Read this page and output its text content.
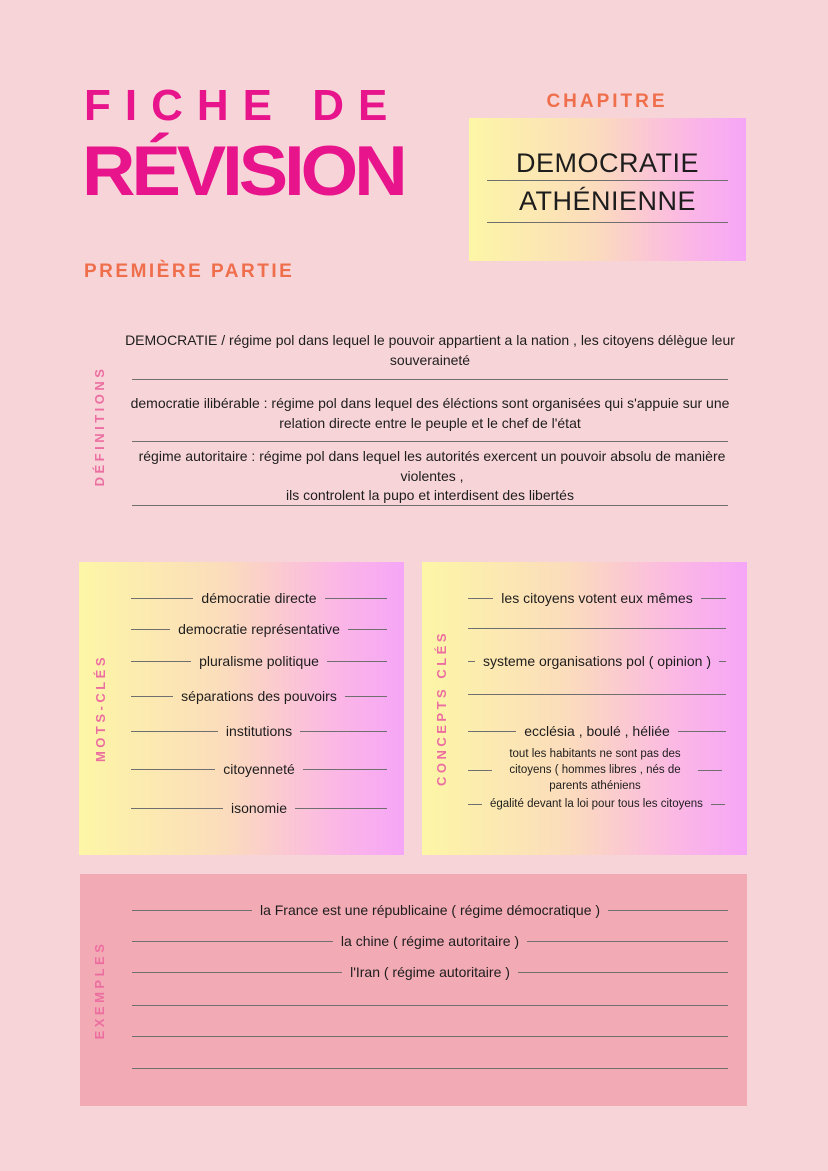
FICHE DE
RÉVISION
CHAPITRE
DEMOCRATIE
ATHÉNIENNE
PREMIÈRE PARTIE
DÉFINITIONS
DEMOCRATIE / régime pol dans lequel le pouvoir appartient a la nation , les citoyens délègue leur souveraineté
democratie ilibérable : régime pol dans lequel des éléctions sont organisées qui s'appuie sur une relation directe entre le peuple et le chef de l'état
régime autoritaire : régime pol dans lequel les autorités exercent un pouvoir absolu de manière violentes ,
ils controlent la pupo et interdisent des libertés
MOTS-CLÉS
démocratie directe
democratie représentative
pluralisme politique
séparations des pouvoirs
institutions
citoyenneté
isonomie
CONCEPTS CLÉS
les citoyens votent eux mêmes
systeme organisations pol ( opinion )
ecclésia , boulé , héliée
tout les habitants ne sont pas des citoyens ( hommes libres , nés de parents athéniens
égalité devant la loi pour tous les citoyens
EXEMPLES
la France est une républicaine ( régime démocratique )
la chine ( régime autoritaire )
l'Iran ( régime autoritaire )
